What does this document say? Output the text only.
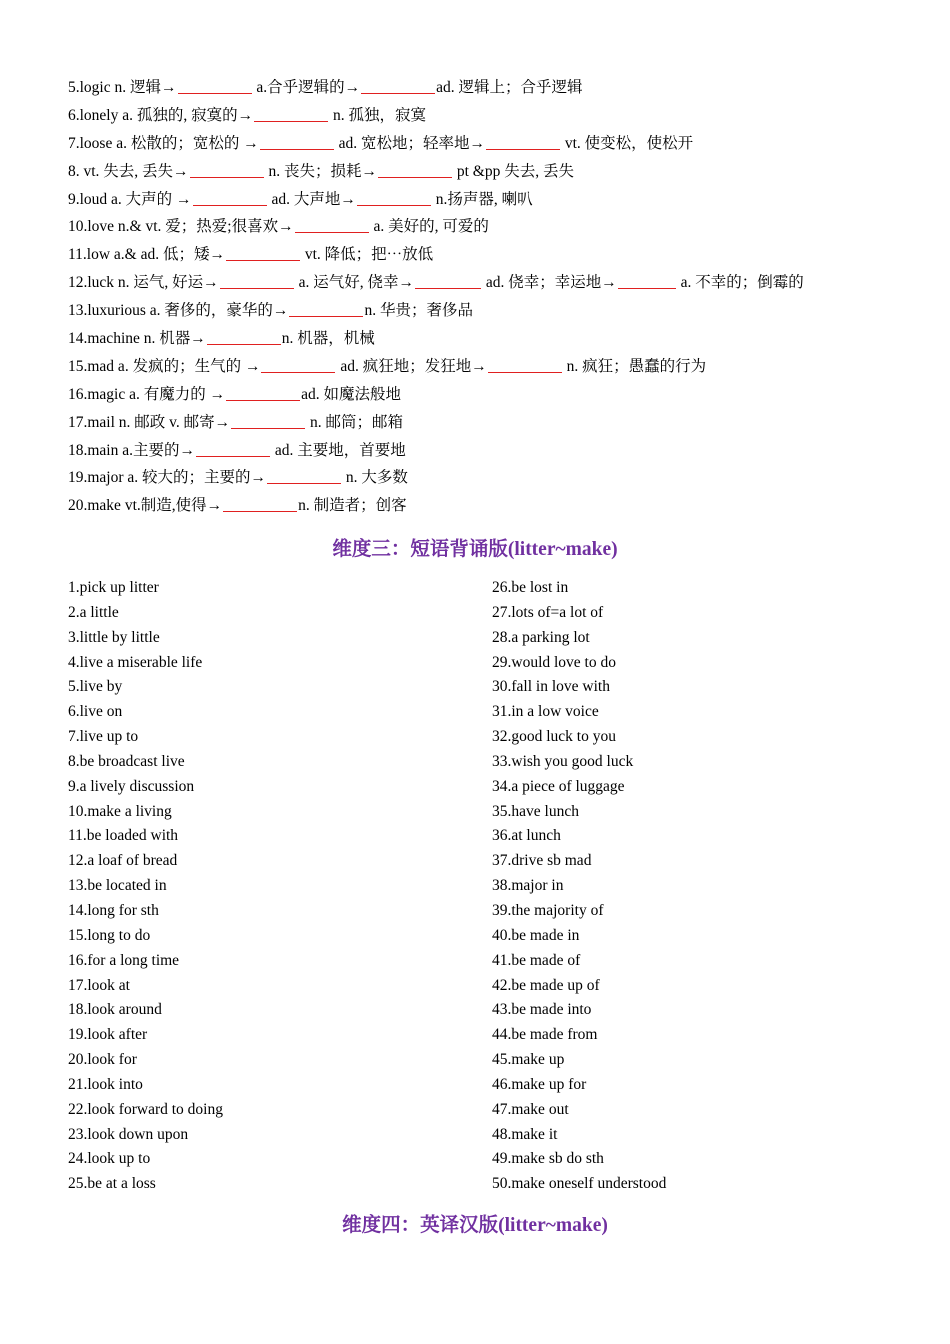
5.logic n. 逻辑→	a.合乎逻辑的→	ad. 逻辑上；合乎逻辑
6.lonely a. 孤独的, 寂寞的→	n. 孤独，寂寞
7.loose a. 松散的；宽松的 →	ad. 宽松地；轻率地→	vt. 使变松，使松开
8. vt. 失去, 丢失→	n. 丧失；损耗→	pt &pp 失去, 丢失
9.loud a. 大声的 →	ad. 大声地→	n.扬声器, 喇叭
10.love n.& vt. 爱；热爱;很喜欢→	a. 美好的, 可爱的
11.low a.& ad. 低；矮→	vt. 降低；把⋯放低
12.luck n. 运气, 好运→	a. 运气好, 侥幸→	ad. 侥幸；幸运地→	a. 不幸的；倒霉的
13.luxurious a. 奢侈的，豪华的→	n. 华贵；奢侈品
14.machine n. 机器→	n. 机器，机械
15.mad a. 发疯的；生气的 →	ad. 疯狂地；发狂地→	n. 疯狂；愚蠢的行为
16.magic a. 有魔力的 →	ad. 如魔法般地
17.mail n. 邮政 v. 邮寄→	n. 邮筒；邮箱
18.main a.主要的→	ad. 主要地，首要地
19.major a. 较大的；主要的→	n. 大多数
20.make vt.制造,使得→	n. 制造者；创客
维度三：短语背诵版(litter~make)
1.pick up litter
2.a little
3.little by little
4.live a miserable life
5.live by
6.live on
7.live up to
8.be broadcast live
9.a lively discussion
10.make a living
11.be loaded with
12.a loaf of bread
13.be located in
14.long for sth
15.long to do
16.for a long time
17.look at
18.look around
19.look after
20.look for
21.look into
22.look forward to doing
23.look down upon
24.look up to
25.be at a loss
26.be lost in
27.lots of=a lot of
28.a parking lot
29.would love to do
30.fall in love with
31.in a low voice
32.good luck to you
33.wish you good luck
34.a piece of luggage
35.have lunch
36.at lunch
37.drive sb mad
38.major in
39.the majority of
40.be made in
41.be made of
42.be made up of
43.be made into
44.be made from
45.make up
46.make up for
47.make out
48.make it
49.make sb do sth
50.make oneself understood
维度四：英译汉版(litter~make)
